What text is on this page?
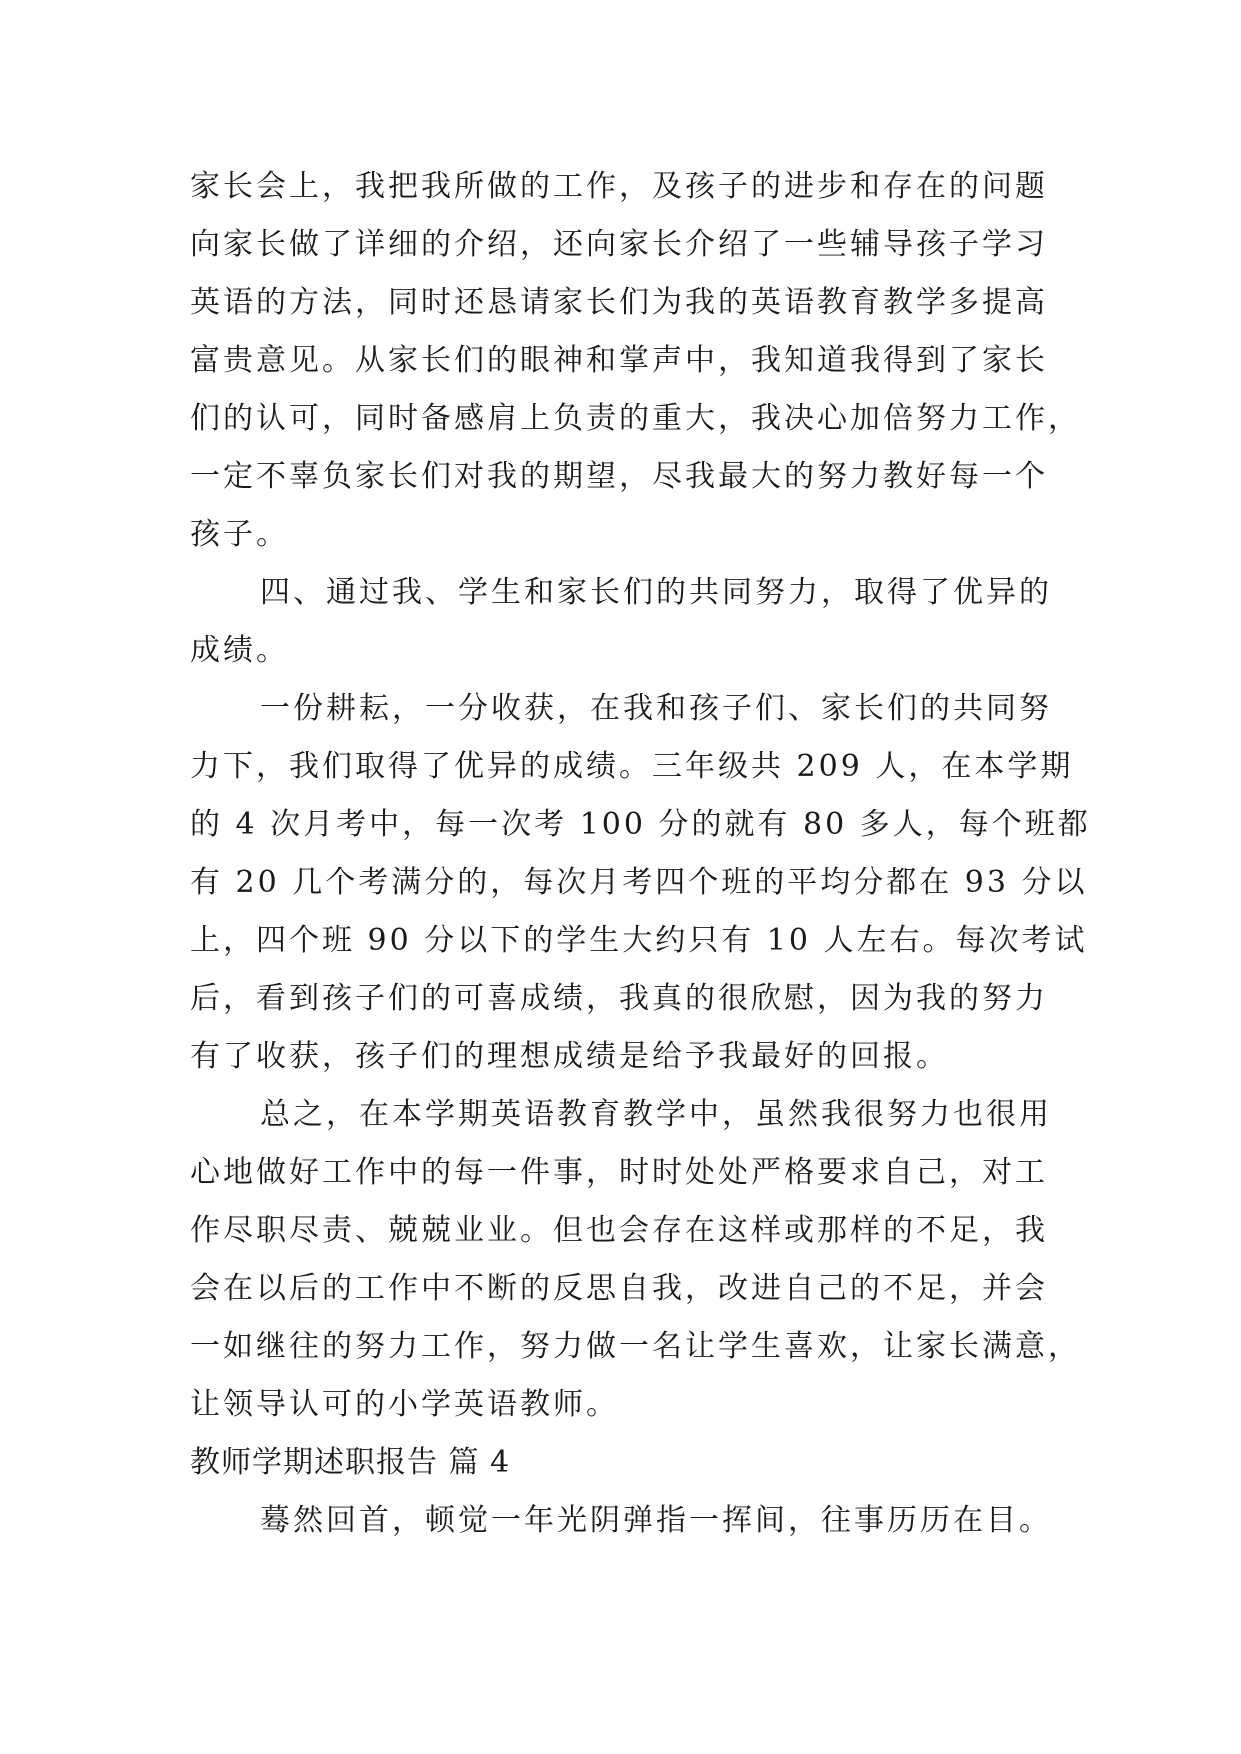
家长会上，我把我所做的工作，及孩子的进步和存在的问题
向家长做了详细的介绍，还向家长介绍了一些辅导孩子学习
英语的方法，同时还恳请家长们为我的英语教育教学多提高
富贵意见。从家长们的眼神和掌声中，我知道我得到了家长
们的认可，同时备感肩上负责的重大，我决心加倍努力工作，
一定不辜负家长们对我的期望，尽我最大的努力教好每一个
孩子。
四、通过我、学生和家长们的共同努力，取得了优异的
成绩。
一份耕耘，一分收获，在我和孩子们、家长们的共同努
力下，我们取得了优异的成绩。三年级共 209 人，在本学期
的 4 次月考中，每一次考 100 分的就有 80 多人，每个班都
有 20 几个考满分的，每次月考四个班的平均分都在 93 分以
上，四个班 90 分以下的学生大约只有 10 人左右。每次考试
后，看到孩子们的可喜成绩，我真的很欣慰，因为我的努力
有了收获，孩子们的理想成绩是给予我最好的回报。
总之，在本学期英语教育教学中，虽然我很努力也很用
心地做好工作中的每一件事，时时处处严格要求自己，对工
作尽职尽责、兢兢业业。但也会存在这样或那样的不足，我
会在以后的工作中不断的反思自我，改进自己的不足，并会
一如继往的努力工作，努力做一名让学生喜欢，让家长满意，
让领导认可的小学英语教师。
教师学期述职报告 篇 4
蓦然回首，顿觉一年光阴弹指一挥间，往事历历在目。
